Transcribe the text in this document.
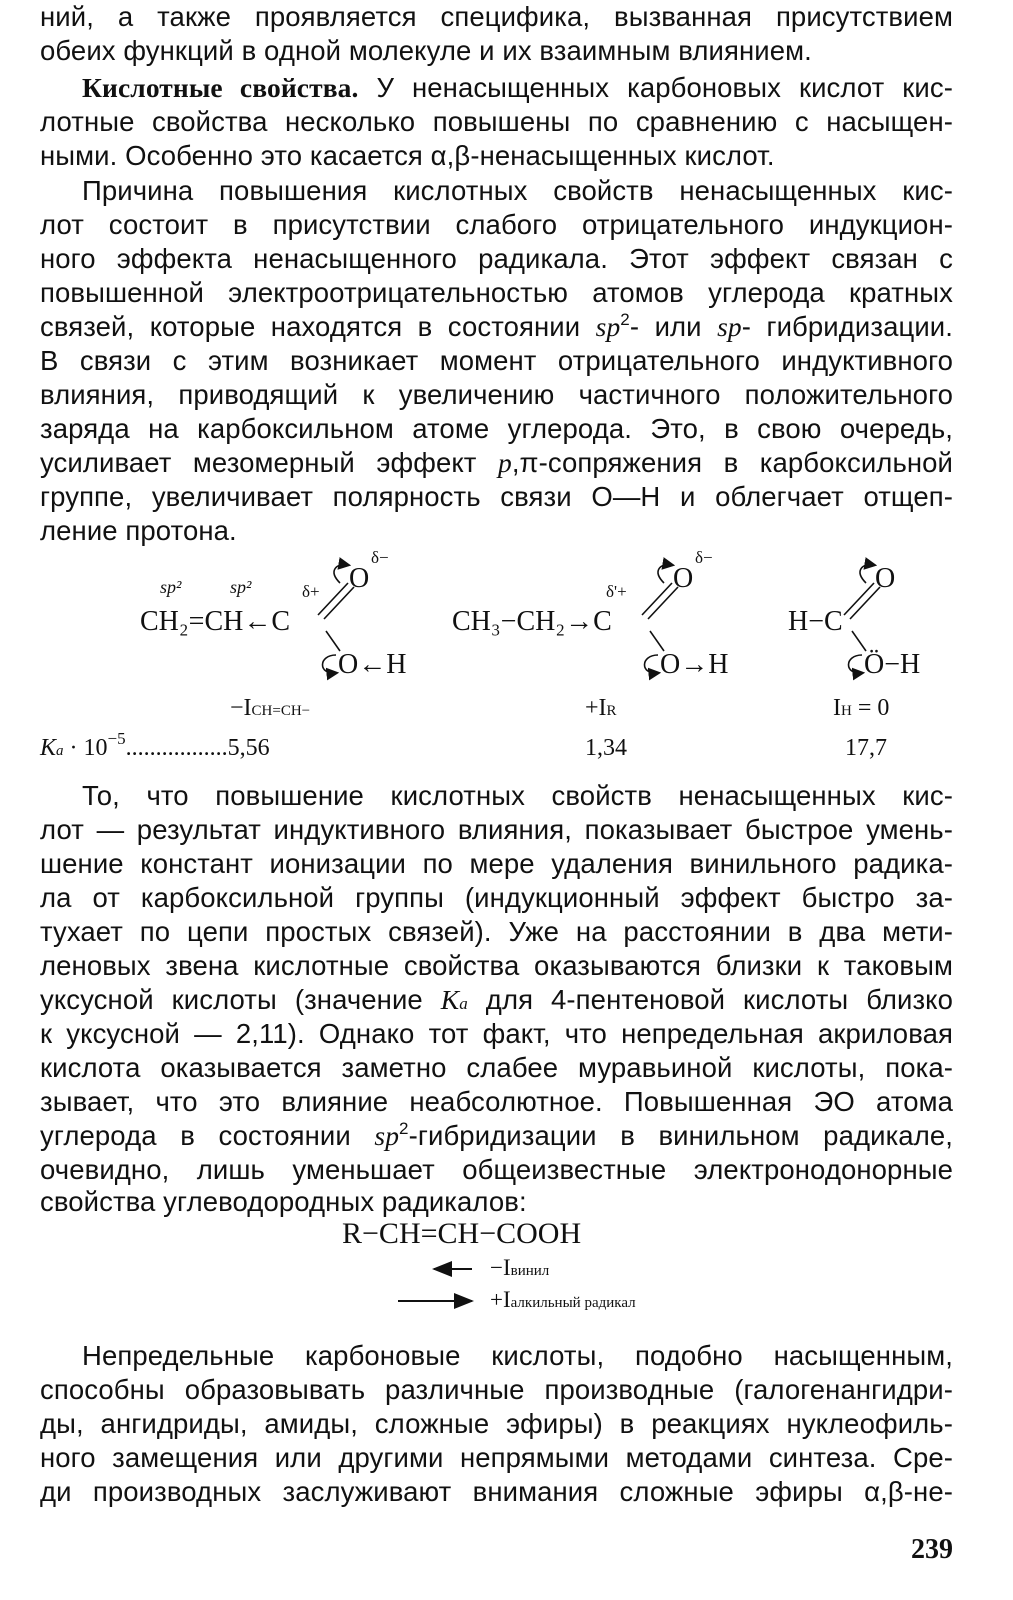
ний, а также проявляется специфика, вызванная присутствием
обеих функций в одной молекуле и их взаимным влиянием.
Кислотные свойства. У ненасыщенных карбоновых кислот кис-
лотные свойства несколько повышены по сравнению с насыщен-
ными. Особенно это касается α,β-ненасыщенных кислот.
Причина повышения кислотных свойств ненасыщенных кис-
лот состоит в присутствии слабого отрицательного индукцион-
ного эффекта ненасыщенного радикала. Этот эффект связан с
повышенной электроотрицательностью атомов углерода кратных
связей, которые находятся в состоянии $sp^2-$ или sp- гибридизации.
В связи с этим возникает момент отрицательного индуктивного
влияния, приводящий к увеличению частичного положительного
заряда на карбоксильном атоме углерода. Это, в свою очередь,
усиливает мезомерный эффект p,π-сопряжения в карбоксильной
группе, увеличивает полярность связи О—Н и облегчает отщеп-
ление протона.
sp²	sp²
CH₂=CH←C
δ+
δ−
O
O←H
CH₃−CH₂→C
δ'+
δ−
O
O→H
H−C
O
Ö−H
−ICH=CH−	+IR	IH = 0
$Ka \cdot 10^{-5}.................5,56$	1,34	17,7
То, что повышение кислотных свойств ненасыщенных кис-
лот — результат индуктивного влияния, показывает быстрое умень-
шение констант ионизации по мере удаления винильного радика-
ла от карбоксильной группы (индукционный эффект быстро за-
тухает по цепи простых связей). Уже на расстоянии в два мети-
леновых звена кислотные свойства оказываются близки к таковым
уксусной кислоты (значение Ka для 4-пентеновой кислоты близко
к уксусной — 2,11). Однако тот факт, что непредельная акриловая
кислота оказывается заметно слабее муравьиной кислоты, пока-
зывает, что это влияние неабсолютное. Повышенная ЭО атома
углерода в состоянии $sp^2$-гибридизации в винильном радикале,
очевидно, лишь уменьшает общеизвестные электронодонорные
свойства углеводородных радикалов:
R−CH=CH−COOH
−Iвинил
+Iалкильный радикал
Непредельные карбоновые кислоты, подобно насыщенным,
способны образовывать различные производные (галогенангидри-
ды, ангидриды, амиды, сложные эфиры) в реакциях нуклеофиль-
ного замещения или другими непрямыми методами синтеза. Сре-
ди производных заслуживают внимания сложные эфиры α,β-не-
239
